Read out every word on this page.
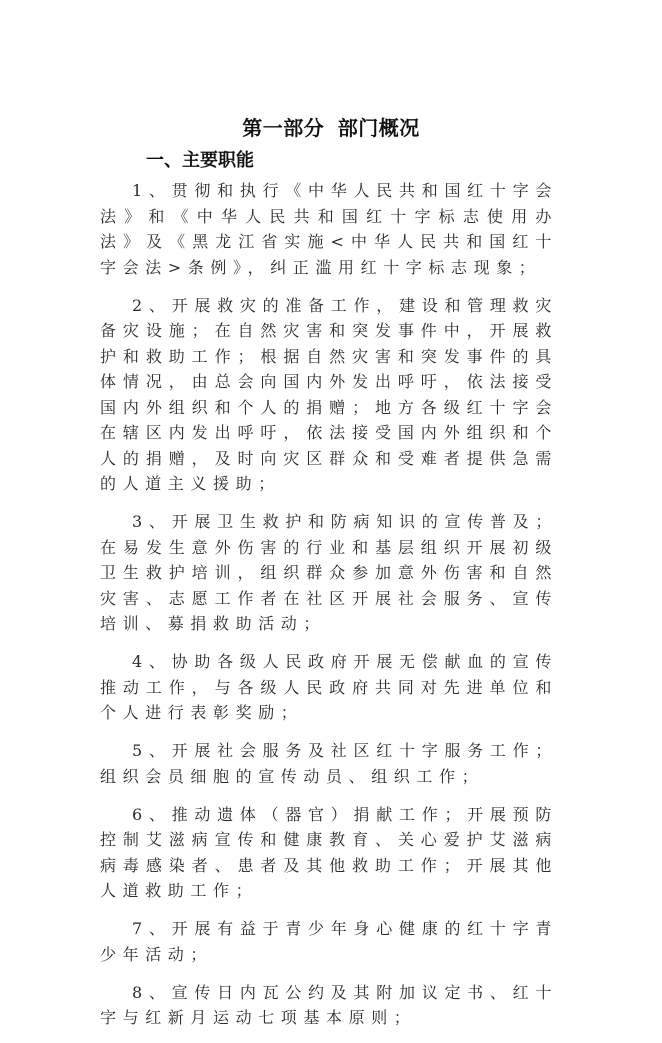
第一部分 部门概况
一、主要职能

1、贯彻和执行《中华人民共和国红十字会法》和《中华人民共和国红十字标志使用办法》及《黑龙江省实施<中华人民共和国红十字会法>条例》，纠正滥用红十字标志现象；

2、开展救灾的准备工作，建设和管理救灾备灾设施；在自然灾害和突发事件中，开展救护和救助工作；根据自然灾害和突发事件的具体情况，由总会向国内外发出呼吁，依法接受国内外组织和个人的捐赠；地方各级红十字会在辖区内发出呼吁，依法接受国内外组织和个人的捐赠，及时向灾区群众和受难者提供急需的人道主义援助；

3、开展卫生救护和防病知识的宣传普及；在易发生意外伤害的行业和基层组织开展初级卫生救护培训，组织群众参加意外伤害和自然灾害、志愿工作者在社区开展社会服务、宣传培训、募捐救助活动；

4、协助各级人民政府开展无偿献血的宣传推动工作，与各级人民政府共同对先进单位和个人进行表彰奖励；

5、开展社会服务及社区红十字服务工作；组织会员细胞的宣传动员、组织工作；

6、推动遗体（器官）捐献工作；开展预防控制艾滋病宣传和健康教育、关心爱护艾滋病病毒感染者、患者及其他救助工作；开展其他人道救助工作；

7、开展有益于青少年身心健康的红十字青少年活动；

8、宣传日内瓦公约及其附加议定书、红十字与红新月运动七项基本原则；
